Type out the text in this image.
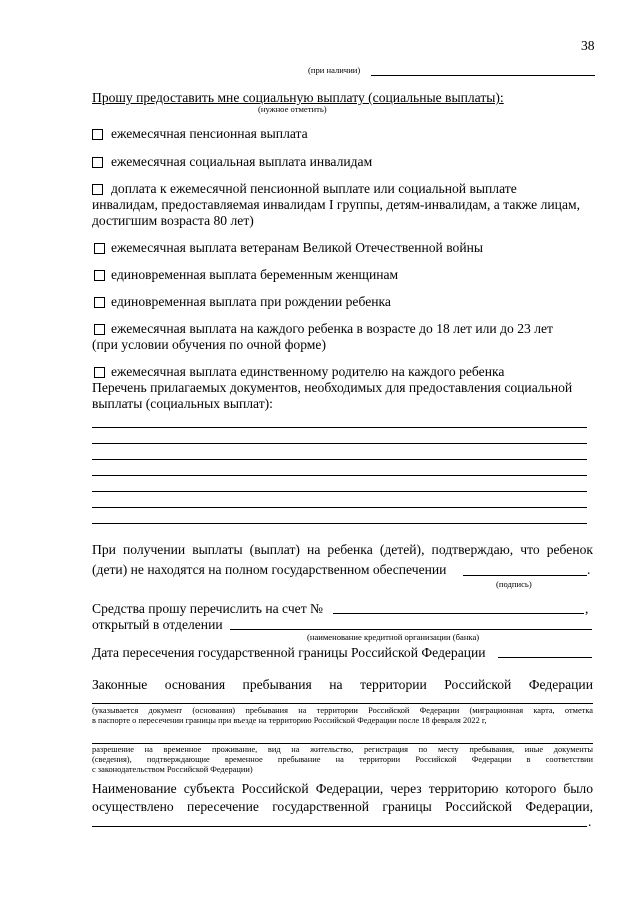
38
(при наличии)
Прошу предоставить мне социальную выплату (социальные выплаты):
(нужное отметить)
ежемесячная пенсионная выплата
ежемесячная социальная выплата инвалидам
доплата к ежемесячной пенсионной выплате или социальной выплате
инвалидам, предоставляемая инвалидам I группы, детям-инвалидам, а также лицам,
достигшим возраста 80 лет)
ежемесячная выплата ветеранам Великой Отечественной войны
единовременная выплата беременным женщинам
единовременная выплата при рождении ребенка
ежемесячная выплата на каждого ребенка в возрасте до 18 лет или до 23 лет
(при условии обучения по очной форме)
ежемесячная выплата единственному родителю на каждого ребенка
Перечень прилагаемых документов, необходимых для предоставления социальной
выплаты (социальных выплат):
При получении выплаты (выплат) на ребенка (детей), подтверждаю, что ребенок
(дети) не находятся на полном государственном обеспечении	.
(подпись)
Средства прошу перечислить на счет №	,
открытый в отделении
(наименование кредитной организации (банка)
Дата пересечения государственной границы Российской Федерации
Законные основания пребывания на территории Российской Федерации
(указывается документ (основания) пребывания на территории Российской Федерации (миграционная карта, отметка
в паспорте о пересечении границы при въезде на территорию Российской Федерации после 18 февраля 2022 г,
разрешение на временное проживание, вид на жительство, регистрация по месту пребывания, иные документы
(сведения), подтверждающие временное пребывание на территории Российской Федерации в соответствии
с законодательством Российской Федерации)
Наименование субъекта Российской Федерации, через территорию которого было
осуществлено пересечение государственной границы Российской Федерации,
.
